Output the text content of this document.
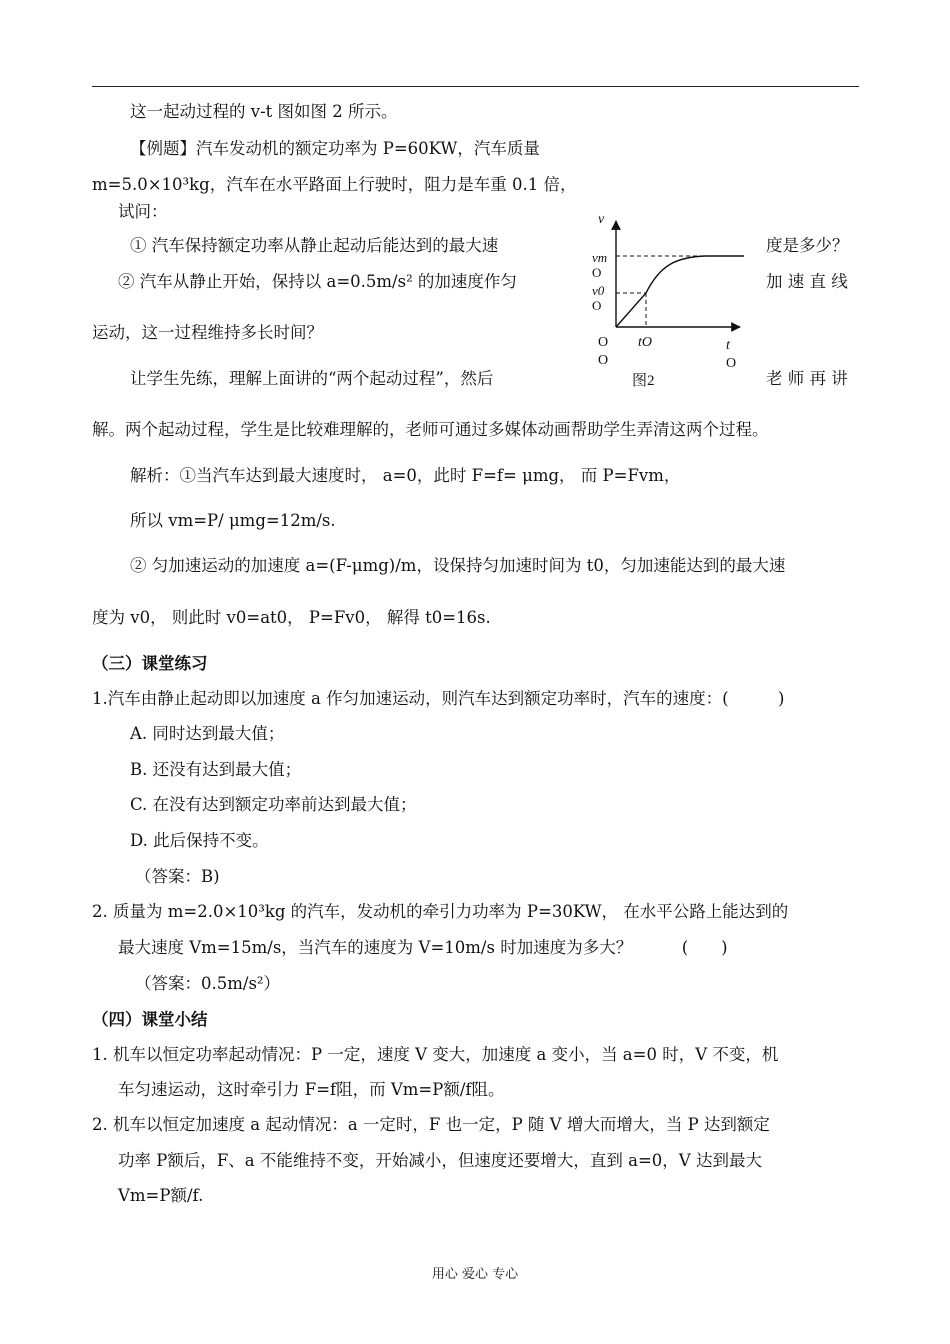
这一起动过程的 v-t 图如图 2 所示。
【例题】汽车发动机的额定功率为 P=60KW，汽车质量
m=5.0×10³kg，汽车在水平路面上行驶时，阻力是车重 0.1 倍，
试问：
① 汽车保持额定功率从静止起动后能达到的最大速	度是多少？
② 汽车从静止开始，保持以 a=0.5m/s² 的加速度作匀	加 速 直 线
运动，这一过程维持多长时间？
让学生先练，理解上面讲的“两个起动过程”，然后	老 师 再 讲
解。两个起动过程，学生是比较难理解的，老师可通过多媒体动画帮助学生弄清这两个过程。
解析：①当汽车达到最大速度时， a=0，此时 F=f= μmg， 而 P=Fvm，
所以 vm=P/ μmg=12m/s.
② 匀加速运动的加速度 a=(F-μmg)/m，设保持匀加速时间为 t0，匀加速能达到的最大速
度为 v0， 则此时 v0=at0， P=Fv0， 解得 t0=16s.
（三）课堂练习
1.汽车由静止起动即以加速度 a 作匀加速运动，则汽车达到额定功率时，汽车的速度：(　　　)
A. 同时达到最大值；
B. 还没有达到最大值；
C. 在没有达到额定功率前达到最大值；
D. 此后保持不变。
（答案：B)
2. 质量为 m=2.0×10³kg 的汽车，发动机的牵引力功率为 P=30KW， 在水平公路上能达到的
最大速度 Vm=15m/s，当汽车的速度为 V=10m/s 时加速度为多大？　　　(　　)
（答案：0.5m/s²）
（四）课堂小结
1. 机车以恒定功率起动情况：P 一定，速度 V 变大，加速度 a 变小，当 a=0 时，V 不变，机
车匀速运动，这时牵引力 F=f阻，而 Vm=P额/f阻。
2. 机车以恒定加速度 a 起动情况：a 一定时，F 也一定，P 随 V 增大而增大，当 P 达到额定
功率 P额后，F、a 不能维持不变，开始减小，但速度还要增大，直到 a=0，V 达到最大
Vm=P额/f.
v
vm
O
v0
O
O tO	t
O	O
图2
用心 爱心 专心
